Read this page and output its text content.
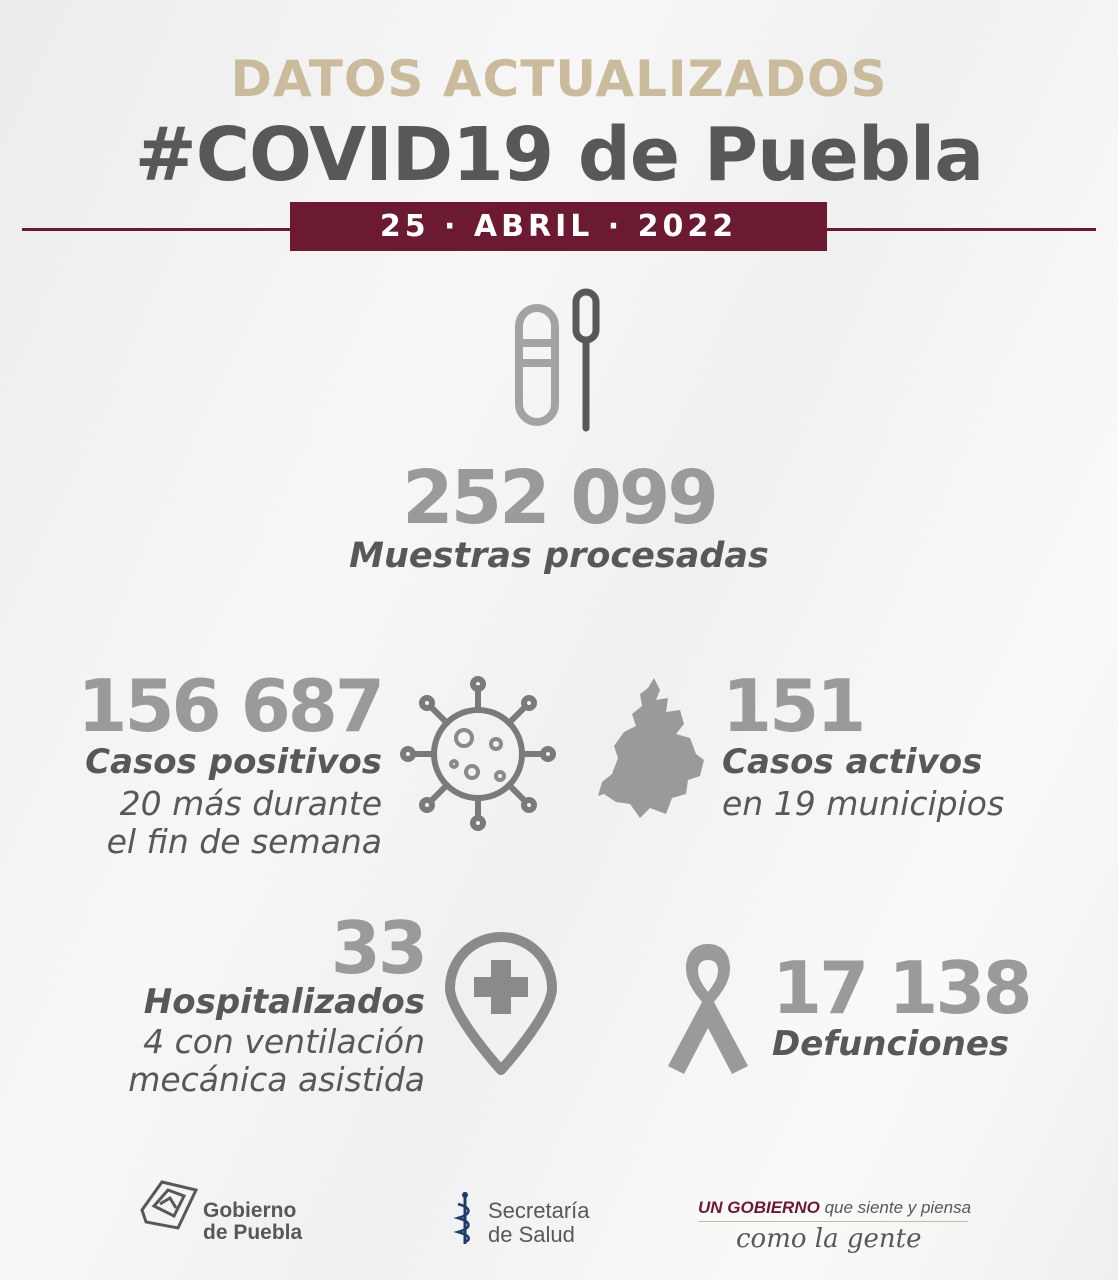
DATOS ACTUALIZADOS
#COVID19 de Puebla
25 · ABRIL · 2022
252 099
Muestras procesadas
156 687
Casos positivos
20 más durante
el fin de semana
151
Casos activos
en 19 municipios
33
Hospitalizados
4 con ventilación
mecánica asistida
17 138
Defunciones
Gobierno
de Puebla
Secretaría
de Salud
UN GOBIERNO que siente y piensa
como la gente
